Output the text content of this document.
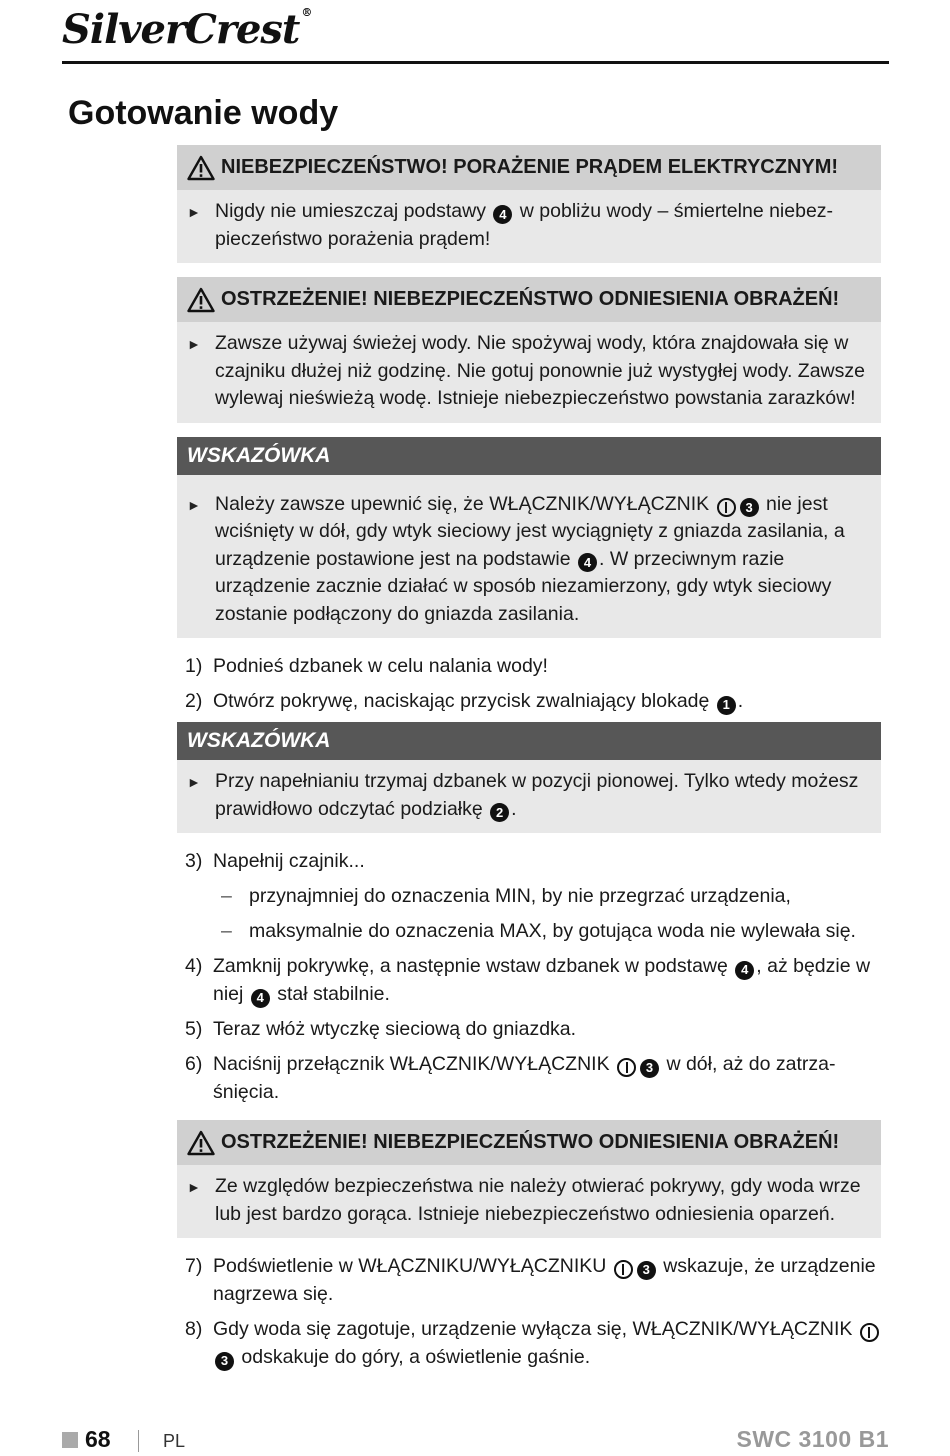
SilverCrest ®
Gotowanie wody
NIEBEZPIECZEŃSTWO! PORAŻENIE PRĄDEM ELEKTRYCZNYM!
► Nigdy nie umieszczaj podstawy 4 w pobliżu wody – śmiertelne niebezpieczeństwo porażenia prądem!
OSTRZEŻENIE! NIEBEZPIECZEŃSTWO ODNIESIENIA OBRAŻEŃ!
► Zawsze używaj świeżej wody. Nie spożywaj wody, która znajdowała się w czajniku dłużej niż godzinę. Nie gotuj ponownie już wystygłej wody. Zawsze wylewaj nieświeżą wodę. Istnieje niebezpieczeństwo powstania zarazków!
WSKAZÓWKA
► Należy zawsze upewnić się, że WŁĄCZNIK/WYŁĄCZNIK	3 nie jest wciśnięty w dół, gdy wtyk sieciowy jest wyciągnięty z gniazda zasilania, a urządzenie postawione jest na podstawie 4 . W przeciwnym razie urządzenie zacznie działać w sposób niezamierzony, gdy wtyk sieciowy zostanie podłączony do gniazda zasilania.
1) Podnieś dzbanek w celu nalania wody!
2) Otwórz pokrywę, naciskając przycisk zwalniający blokadę 1 .
WSKAZÓWKA
► Przy napełnianiu trzymaj dzbanek w pozycji pionowej. Tylko wtedy możesz prawidłowo odczytać podziałkę 2 .
3) Napełnij czajnik...
– przynajmniej do oznaczenia MIN, by nie przegrzać urządzenia,
– maksymalnie do oznaczenia MAX, by gotująca woda nie wylewała się.
4) Zamknij pokrywkę, a następnie wstaw dzbanek w podstawę 4 , aż będzie w niej 4 stał stabilnie.
5) Teraz włóż wtyczkę sieciową do gniazdka.
6) Naciśnij przełącznik WŁĄCZNIK/WYŁĄCZNIK	3 w dół, aż do zatrzaśnięcia.
OSTRZEŻENIE! NIEBEZPIECZEŃSTWO ODNIESIENIA OBRAŻEŃ!
► Ze względów bezpieczeństwa nie należy otwierać pokrywy, gdy woda wrze lub jest bardzo gorąca. Istnieje niebezpieczeństwo odniesienia oparzeń.
7) Podświetlenie w WŁĄCZNIKU/WYŁĄCZNIKU	3 wskazuje, że urządzenie nagrzewa się.
8) Gdy woda się zagotuje, urządzenie wyłącza się, WŁĄCZNIK/WYŁĄCZNIK 3 odskakuje do góry, a oświetlenie gaśnie.
68	PL	SWC 3100 B1
